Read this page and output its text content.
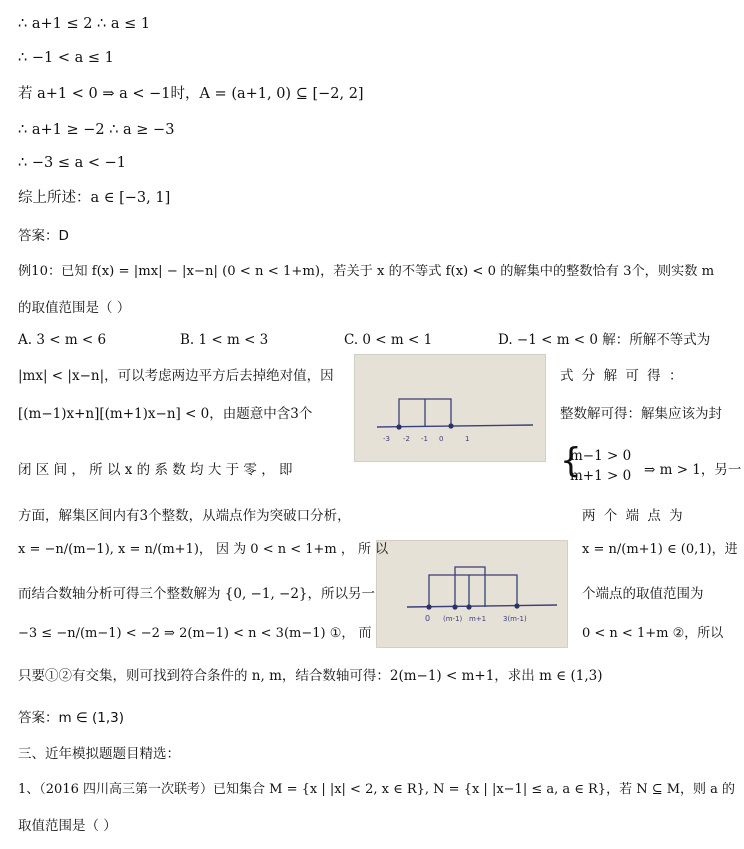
∴ a+1 ≤ 2 ∴ a ≤ 1
∴ −1 < a ≤ 1
若 a+1 < 0 ⇒ a < −1时，A = (a+1, 0) ⊆ [−2, 2]
∴ a+1 ≥ −2 ∴ a ≥ −3
∴ −3 ≤ a < −1
综上所述：a ∈ [−3, 1]
答案：D
例10：已知 f(x) = |mx| − |x−n| (0 < n < 1+m)，若关于 x 的不等式 f(x) < 0 的解集中的整数恰有 3个，则实数 m
的取值范围是（ ）
A. 3 < m < 6	B. 1 < m < 3	C. 0 < m < 1	D. −1 < m < 0 解：所解不等式为
|mx| < |x−n|，可以考虑两边平方后去掉绝对值，因	式 分 解 可 得 ：
-3 -2 -1 0	1
[(m−1)x+n][(m+1)x−n] < 0，由题意中含3个	整数解可得：解集应该为封
闭 区 间 ， 所 以 x 的 系 数 均 大 于 零 ， 即	{
m−1 > 0
m+1 > 0 ⇒ m > 1，另一
方面，解集区间内有3个整数，从端点作为突破口分析，	两 个 端 点 为
0 (m-1) m+1 3(m-1)
x = −n/(m−1), x = n/(m+1)， 因 为 0 < n < 1+m ， 所 以	x = n/(m+1) ∈ (0,1)，进
而结合数轴分析可得三个整数解为 {0, −1, −2}，所以另一	个端点的取值范围为
−3 ≤ −n/(m−1) < −2 ⇒ 2(m−1) < n < 3(m−1) ①， 而	0 < n < 1+m ②，所以
只要①②有交集，则可找到符合条件的 n, m，结合数轴可得：2(m−1) < m+1，求出 m ∈ (1,3)
答案：m ∈ (1,3)
三、近年模拟题题目精选：
1、（2016 四川高三第一次联考）已知集合 M = {x | |x| < 2, x ∈ R}, N = {x | |x−1| ≤ a, a ∈ R}，若 N ⊆ M，则 a 的
取值范围是（ ）
